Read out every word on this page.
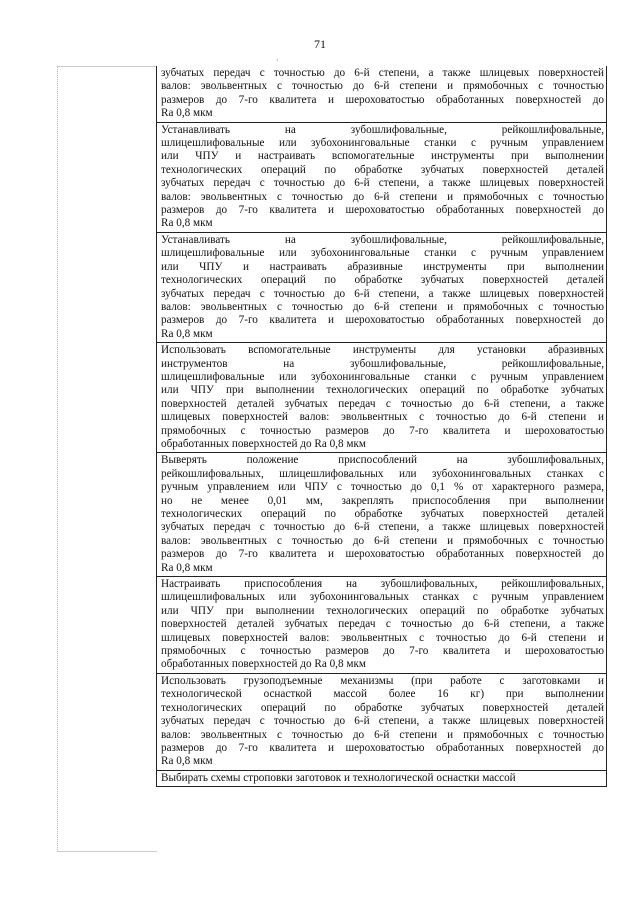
71
·
зубчатых передач с точностью до 6-й степени, а также шлицевых поверхностей
валов: эвольвентных с точностью до 6-й степени и прямобочных с точностью
размеров до 7-го квалитета и шероховатостью обработанных поверхностей до
Ra 0,8 мкм
Устанавливать на зубошлифовальные, рейкошлифовальные,
шлицешлифовальные или зубохонинговальные станки с ручным управлением
или ЧПУ и настраивать вспомогательные инструменты при выполнении
технологических операций по обработке зубчатых поверхностей деталей
зубчатых передач с точностью до 6-й степени, а также шлицевых поверхностей
валов: эвольвентных с точностью до 6-й степени и прямобочных с точностью
размеров до 7-го квалитета и шероховатостью обработанных поверхностей до
Ra 0,8 мкм
Устанавливать на зубошлифовальные, рейкошлифовальные,
шлицешлифовальные или зубохонинговальные станки с ручным управлением
или ЧПУ и настраивать абразивные инструменты при выполнении
технологических операций по обработке зубчатых поверхностей деталей
зубчатых передач с точностью до 6-й степени, а также шлицевых поверхностей
валов: эвольвентных с точностью до 6-й степени и прямобочных с точностью
размеров до 7-го квалитета и шероховатостью обработанных поверхностей до
Ra 0,8 мкм
Использовать вспомогательные инструменты для установки абразивных
инструментов на зубошлифовальные, рейкошлифовальные,
шлицешлифовальные или зубохонинговальные станки с ручным управлением
или ЧПУ при выполнении технологических операций по обработке зубчатых
поверхностей деталей зубчатых передач с точностью до 6-й степени, а также
шлицевых поверхностей валов: эвольвентных с точностью до 6-й степени и
прямобочных с точностью размеров до 7-го квалитета и шероховатостью
обработанных поверхностей до Ra 0,8 мкм
Выверять положение приспособлений на зубошлифовальных,
рейкошлифовальных, шлицешлифовальных или зубохонинговальных станках с
ручным управлением или ЧПУ с точностью до 0,1 % от характерного размера,
но не менее 0,01 мм, закреплять приспособления при выполнении
технологических операций по обработке зубчатых поверхностей деталей
зубчатых передач с точностью до 6-й степени, а также шлицевых поверхностей
валов: эвольвентных с точностью до 6-й степени и прямобочных с точностью
размеров до 7-го квалитета и шероховатостью обработанных поверхностей до
Ra 0,8 мкм
Настраивать приспособления на зубошлифовальных, рейкошлифовальных,
шлицешлифовальных или зубохонинговальных станках с ручным управлением
или ЧПУ при выполнении технологических операций по обработке зубчатых
поверхностей деталей зубчатых передач с точностью до 6-й степени, а также
шлицевых поверхностей валов: эвольвентных с точностью до 6-й степени и
прямобочных с точностью размеров до 7-го квалитета и шероховатостью
обработанных поверхностей до Ra 0,8 мкм
Использовать грузоподъемные механизмы (при работе с заготовками и
технологической оснасткой массой более 16 кг) при выполнении
технологических операций по обработке зубчатых поверхностей деталей
зубчатых передач с точностью до 6-й степени, а также шлицевых поверхностей
валов: эвольвентных с точностью до 6-й степени и прямобочных с точностью
размеров до 7-го квалитета и шероховатостью обработанных поверхностей до
Ra 0,8 мкм
Выбирать схемы строповки заготовок и технологической оснастки массой
